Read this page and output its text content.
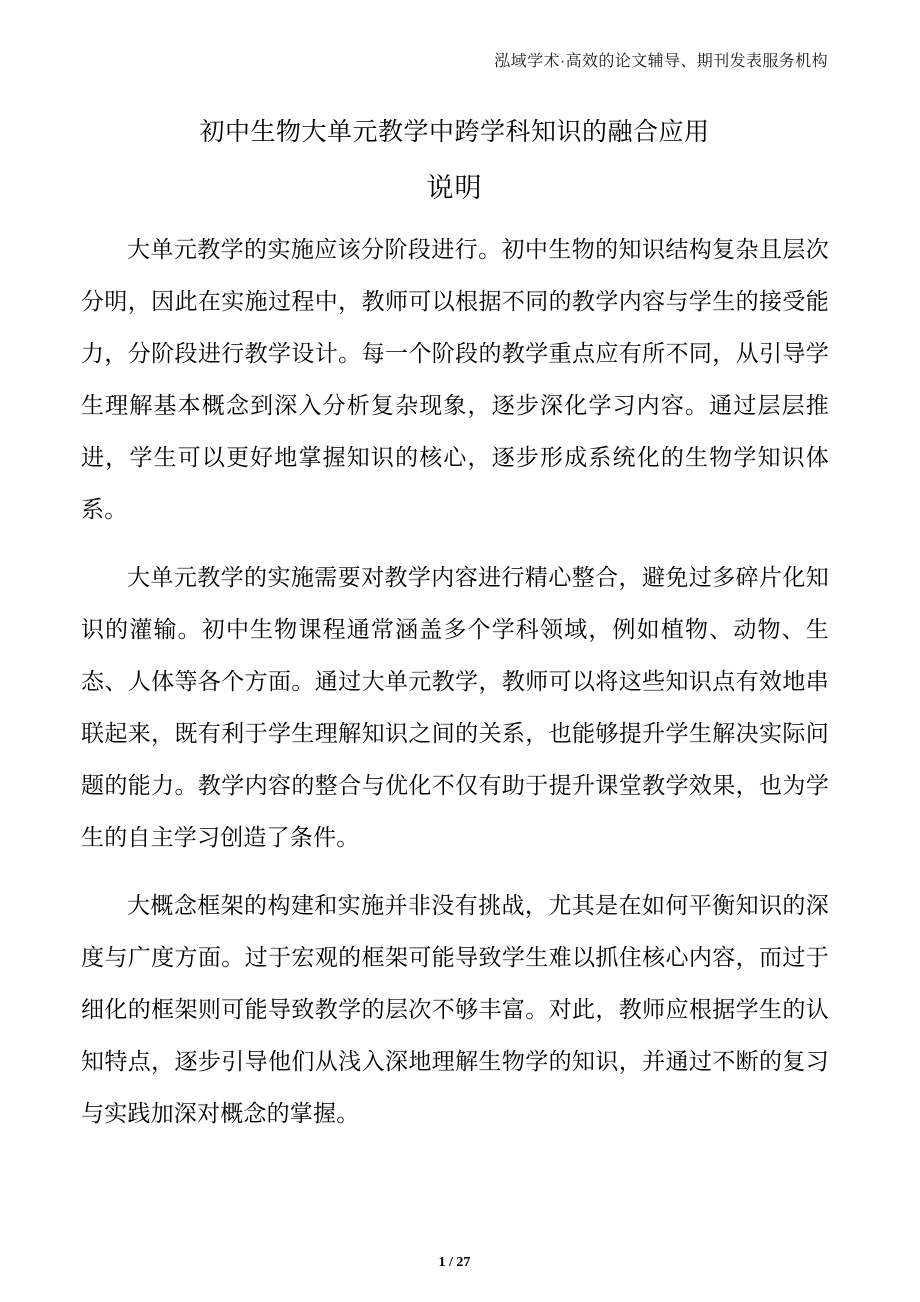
泓域学术·高效的论文辅导、期刊发表服务机构
初中生物大单元教学中跨学科知识的融合应用
说明

大单元教学的实施应该分阶段进行。初中生物的知识结构复杂且层次分明，因此在实施过程中，教师可以根据不同的教学内容与学生的接受能力，分阶段进行教学设计。每一个阶段的教学重点应有所不同，从引导学生理解基本概念到深入分析复杂现象，逐步深化学习内容。通过层层推进，学生可以更好地掌握知识的核心，逐步形成系统化的生物学知识体系。

大单元教学的实施需要对教学内容进行精心整合，避免过多碎片化知识的灌输。初中生物课程通常涵盖多个学科领域，例如植物、动物、生态、人体等各个方面。通过大单元教学，教师可以将这些知识点有效地串联起来，既有利于学生理解知识之间的关系，也能够提升学生解决实际问题的能力。教学内容的整合与优化不仅有助于提升课堂教学效果，也为学生的自主学习创造了条件。

大概念框架的构建和实施并非没有挑战，尤其是在如何平衡知识的深度与广度方面。过于宏观的框架可能导致学生难以抓住核心内容，而过于细化的框架则可能导致教学的层次不够丰富。对此，教师应根据学生的认知特点，逐步引导他们从浅入深地理解生物学的知识，并通过不断的复习与实践加深对概念的掌握。

1 / 27
